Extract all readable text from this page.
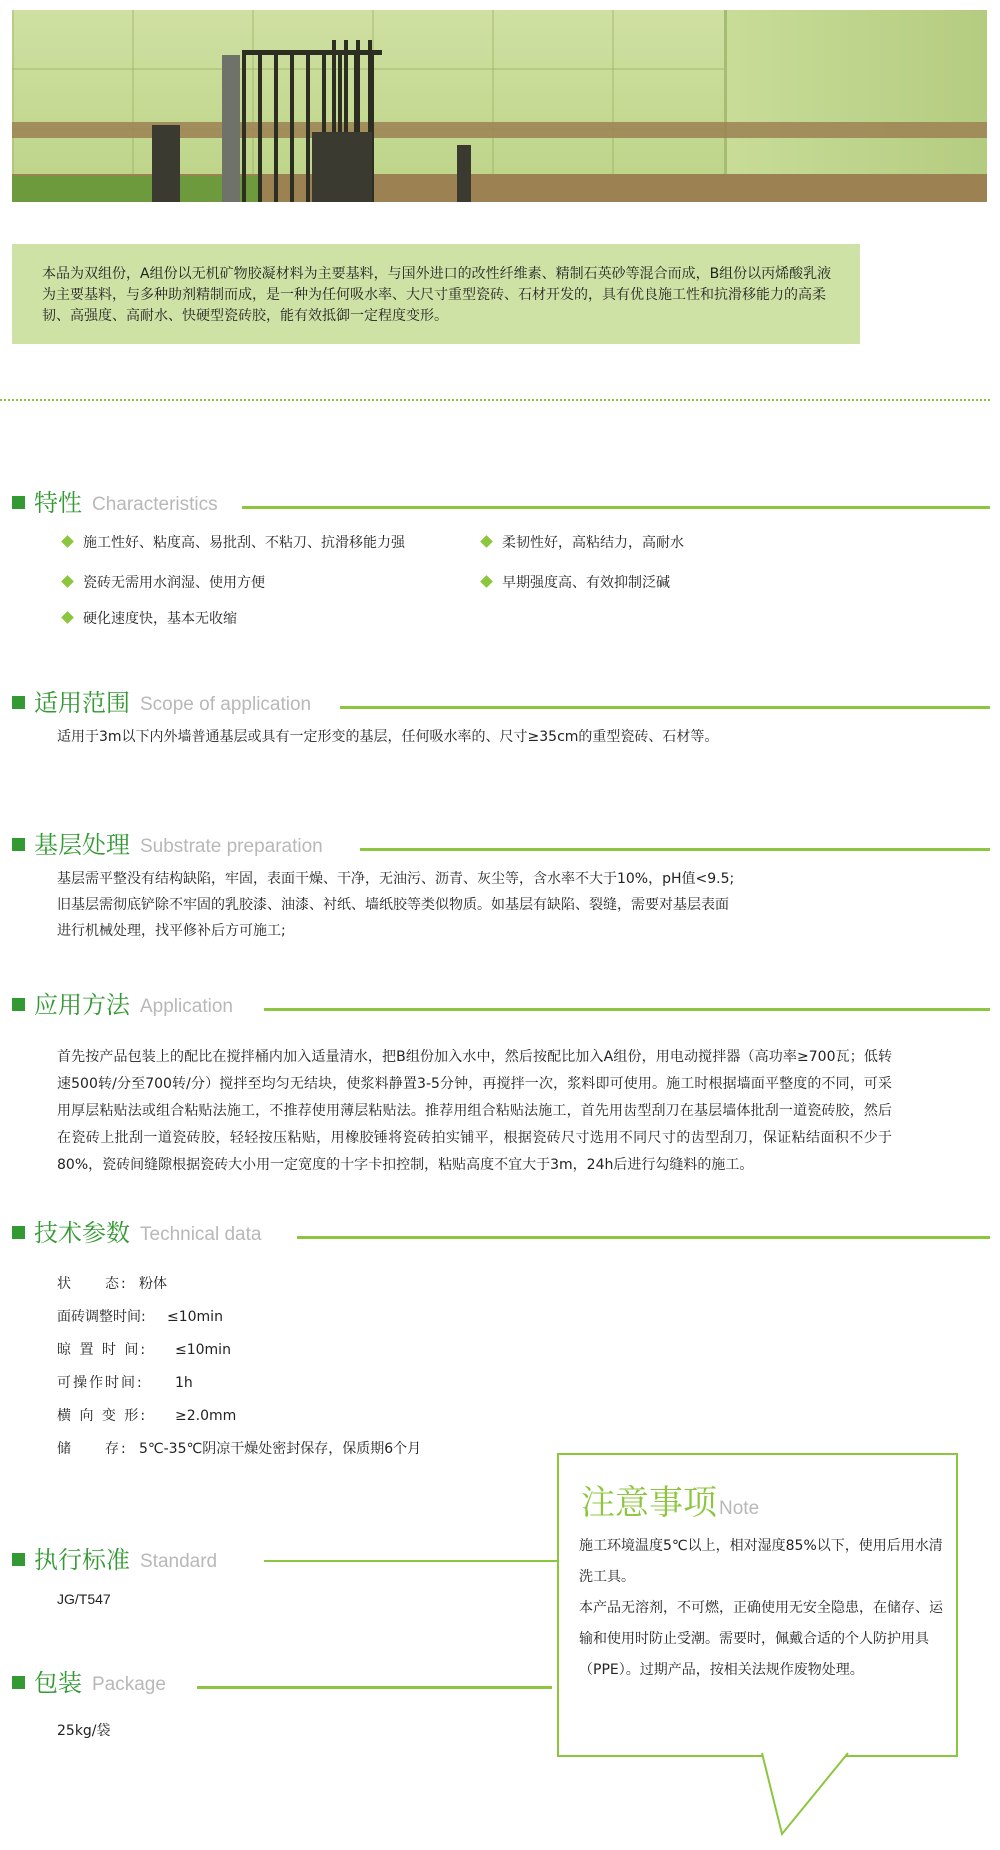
本品为双组份，A组份以无机矿物胶凝材料为主要基料，与国外进口的改性纤维素、精制石英砂等混合而成，B组份以丙烯酸乳液为主要基料，与多种助剂精制而成，是一种为任何吸水率、大尺寸重型瓷砖、石材开发的，具有优良施工性和抗滑移能力的高柔韧、高强度、高耐水、快硬型瓷砖胶，能有效抵御一定程度变形。

特性 Characteristics
施工性好、粘度高、易批刮、不粘刀、抗滑移能力强	柔韧性好，高粘结力，高耐水
瓷砖无需用水润湿、使用方便	早期强度高、有效抑制泛碱
硬化速度快，基本无收缩
适用范围 Scope of application
适用于3m以下内外墙普通基层或具有一定形变的基层，任何吸水率的、尺寸≥35cm的重型瓷砖、石材等。
基层处理 Substrate preparation
基层需平整没有结构缺陷，牢固，表面干燥、干净，无油污、沥青、灰尘等，含水率不大于10%，pH值<9.5;
旧基层需彻底铲除不牢固的乳胶漆、油漆、衬纸、墙纸胶等类似物质。如基层有缺陷、裂缝，需要对基层表面
进行机械处理，找平修补后方可施工;
应用方法 Application
首先按产品包装上的配比在搅拌桶内加入适量清水，把B组份加入水中，然后按配比加入A组份，用电动搅拌器（高功率≥700瓦；低转速500转/分至700转/分）搅拌至均匀无结块，使浆料静置3-5分钟，再搅拌一次，浆料即可使用。施工时根据墙面平整度的不同，可采用厚层粘贴法或组合粘贴法施工，不推荐使用薄层粘贴法。推荐用组合粘贴法施工，首先用齿型刮刀在基层墙体批刮一道瓷砖胶，然后在瓷砖上批刮一道瓷砖胶，轻轻按压粘贴，用橡胶锤将瓷砖拍实铺平，根据瓷砖尺寸选用不同尺寸的齿型刮刀，保证粘结面积不少于80%，瓷砖间缝隙根据瓷砖大小用一定宽度的十字卡扣控制，粘贴高度不宜大于3m，24h后进行勾缝料的施工。
技术参数 Technical data
状　　态: 粉体
面砖调整时间: ≤10min
晾 置 时 间: ≤10min
可操作时间: 1h
横 向 变 形: ≥2.0mm
储　　存: 5℃-35℃阴凉干燥处密封保存，保质期6个月
执行标准 Standard
JG/T547
包装 Package
25kg/袋
注意事项 Note
施工环境温度5℃以上，相对湿度85%以下，使用后用水清洗工具。
本产品无溶剂，不可燃，正确使用无安全隐患，在储存、运输和使用时防止受潮。需要时，佩戴合适的个人防护用具（PPE）。过期产品，按相关法规作废物处理。
